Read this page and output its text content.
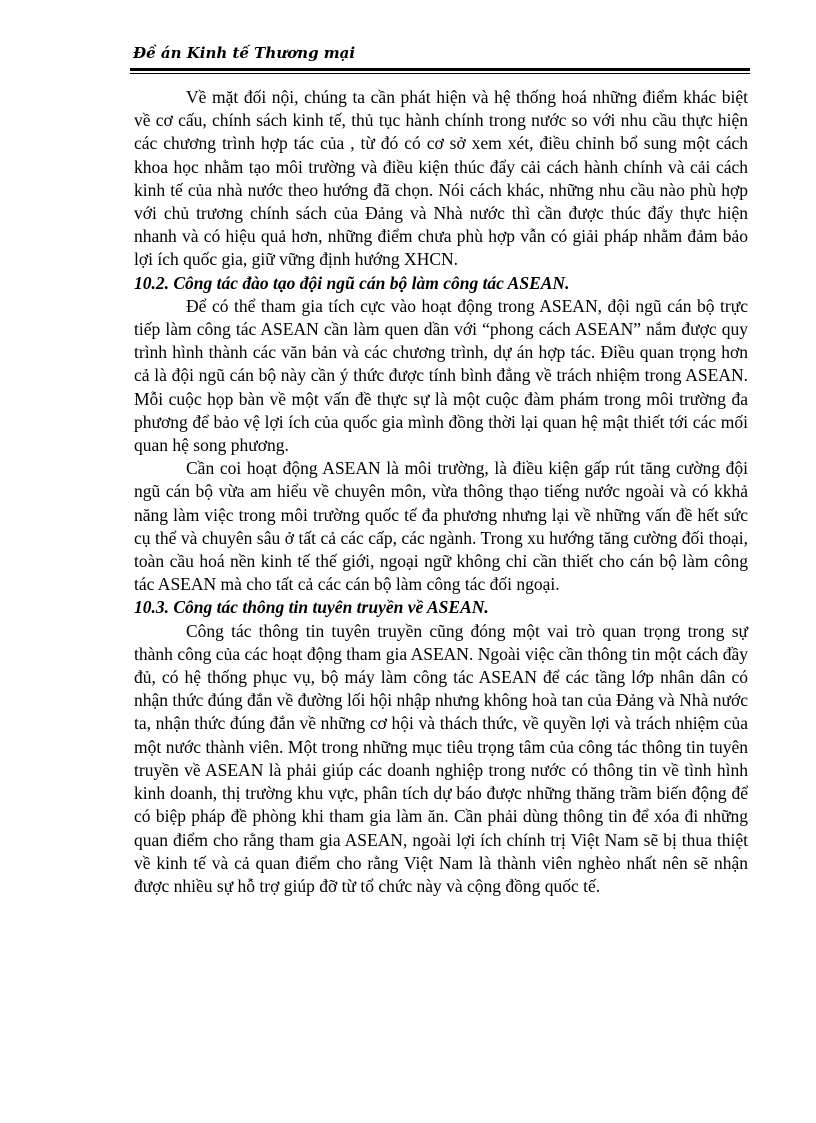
Đề án Kinh tế Thương mại

Về mặt đối nội, chúng ta cần phát hiện và hệ thống hoá những điểm khác biệt về cơ cấu, chính sách kinh tế, thủ tục hành chính trong nước so với nhu cầu thực hiện các chương trình hợp tác của , từ đó có cơ sở xem xét, điều chỉnh bổ sung một cách khoa học nhằm tạo môi trường và điều kiện thúc đẩy cải cách hành chính và cải cách kinh tế của nhà nước theo hướng đã chọn. Nói cách khác, những nhu cầu nào phù hợp với chủ trương chính sách của Đảng và Nhà nước thì cần được thúc đẩy thực hiện nhanh và có hiệu quả hơn, những điểm chưa phù hợp vẫn có giải pháp nhằm đảm bảo lợi ích quốc gia, giữ vững định hướng XHCN.

10.2. Công tác đào tạo đội ngũ cán bộ làm công tác ASEAN.

Để có thể tham gia tích cực vào hoạt động trong ASEAN, đội ngũ cán bộ trực tiếp làm công tác ASEAN cần làm quen dần với “phong cách ASEAN” nắm được quy trình hình thành các văn bản và các chương trình, dự án hợp tác. Điều quan trọng hơn cả là đội ngũ cán bộ này cần ý thức được tính bình đẳng về trách nhiệm trong ASEAN. Mỗi cuộc họp bàn về một vấn đề thực sự là một cuộc đàm phám trong môi trường đa phương để bảo vệ lợi ích của quốc gia mình đồng thời lại quan hệ mật thiết tới các mối quan hệ song phương.

Cần coi hoạt động ASEAN là môi trường, là điều kiện gấp rút tăng cường đội ngũ cán bộ vừa am hiểu về chuyên môn, vừa thông thạo tiếng nước ngoài và có kkhả năng làm việc trong môi trường quốc tế đa phương nhưng lại về những vấn đề hết sức cụ thể và chuyên sâu ở tất cả các cấp, các ngành. Trong xu hướng tăng cường đối thoại, toàn cầu hoá nền kinh tế thế giới, ngoại ngữ không chỉ cần thiết cho cán bộ làm công tác ASEAN mà cho tất cả các cán bộ làm công tác đối ngoại.

10.3. Công tác thông tin tuyên truyền về ASEAN.

Công tác thông tin tuyên truyền cũng đóng một vai trò quan trọng trong sự thành công của các hoạt động tham gia ASEAN. Ngoài việc cần thông tin một cách đầy đủ, có hệ thống phục vụ, bộ máy làm công tác ASEAN để các tầng lớp nhân dân có nhận thức đúng đắn về đường lối hội nhập nhưng không hoà tan của Đảng và Nhà nước ta, nhận thức đúng đắn về những cơ hội và thách thức, về quyền lợi và trách nhiệm của một nước thành viên. Một trong những mục tiêu trọng tâm của công tác thông tin tuyên truyền về ASEAN là phải giúp các doanh nghiệp trong nước có thông tin về tình hình kinh doanh, thị trường khu vực, phân tích dự báo được những thăng trầm biến động để có biệp pháp đề phòng khi tham gia làm ăn. Cần phải dùng thông tin để xóa đi những quan điểm cho rằng tham gia ASEAN, ngoài lợi ích chính trị Việt Nam sẽ bị thua thiệt về kinh tế và cả quan điểm cho rằng Việt Nam là thành viên nghèo nhất nên sẽ nhận được nhiều sự hỗ trợ giúp đỡ từ tổ chức này và cộng đồng quốc tế.
